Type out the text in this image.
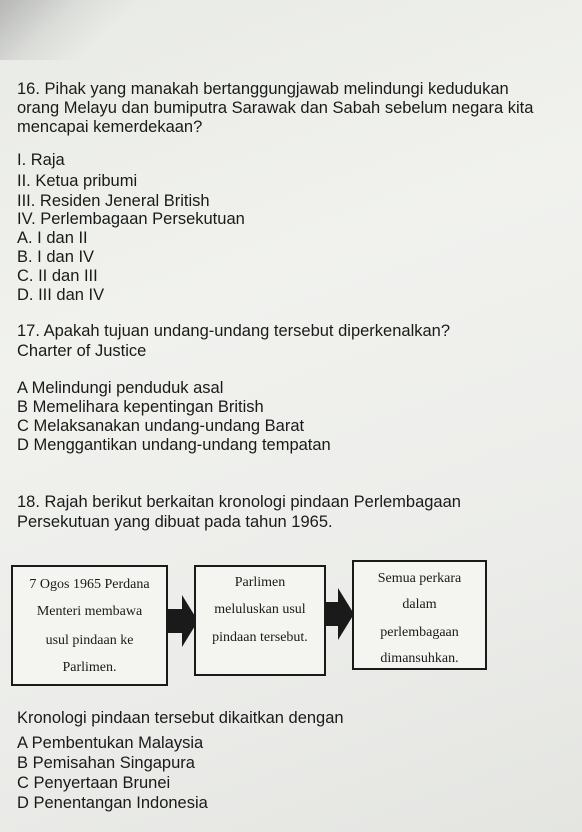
16. Pihak yang manakah bertanggungjawab melindungi kedudukan
orang Melayu dan bumiputra Sarawak dan Sabah sebelum negara kita
mencapai kemerdekaan?
I. Raja
II. Ketua pribumi
III. Residen Jeneral British
IV. Perlembagaan Persekutuan
A. I dan II
B. I dan IV
C. II dan III
D. III dan IV
17. Apakah tujuan undang-undang tersebut diperkenalkan?
Charter of Justice
A Melindungi penduduk asal
B Memelihara kepentingan British
C Melaksanakan undang-undang Barat
D Menggantikan undang-undang tempatan
18. Rajah berikut berkaitan kronologi pindaan Perlembagaan
Persekutuan yang dibuat pada tahun 1965.
7 Ogos 1965 Perdana
Menteri membawa
usul pindaan ke
Parlimen.
Parlimen
meluluskan usul
pindaan tersebut.
Semua perkara
dalam
perlembagaan
dimansuhkan.
Kronologi pindaan tersebut dikaitkan dengan
A Pembentukan Malaysia
B Pemisahan Singapura
C Penyertaan Brunei
D Penentangan Indonesia
